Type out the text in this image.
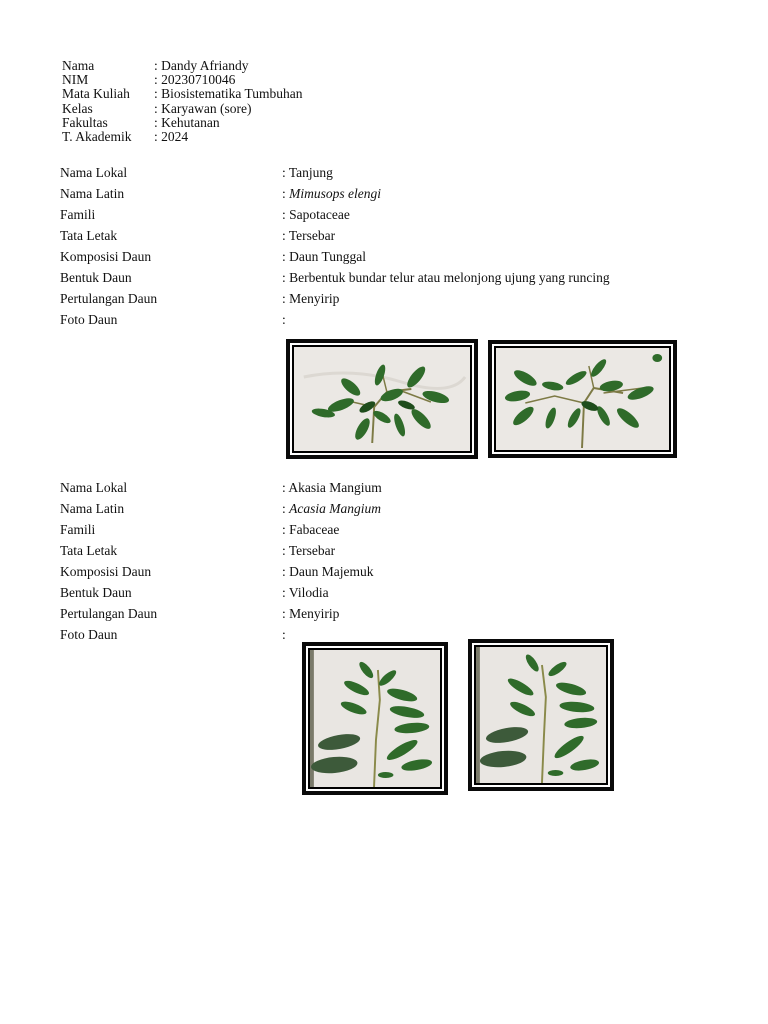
Nama	: Dandy Afriandy
NIM	: 20230710046
Mata Kuliah	: Biosistematika Tumbuhan
Kelas	: Karyawan (sore)
Fakultas	: Kehutanan
T. Akademik	: 2024
Nama Lokal	: Tanjung
Nama Latin	: Mimusops elengi
Famili	: Sapotaceae
Tata Letak	: Tersebar
Komposisi Daun	: Daun Tunggal
Bentuk Daun	: Berbentuk bundar telur atau melonjong ujung yang runcing
Pertulangan Daun	: Menyirip
Foto Daun	:
Nama Lokal	: Akasia Mangium
Nama Latin	: Acasia Mangium
Famili	: Fabaceae
Tata Letak	: Tersebar
Komposisi Daun	: Daun Majemuk
Bentuk Daun	: Vilodia
Pertulangan Daun	: Menyirip
Foto Daun	:
